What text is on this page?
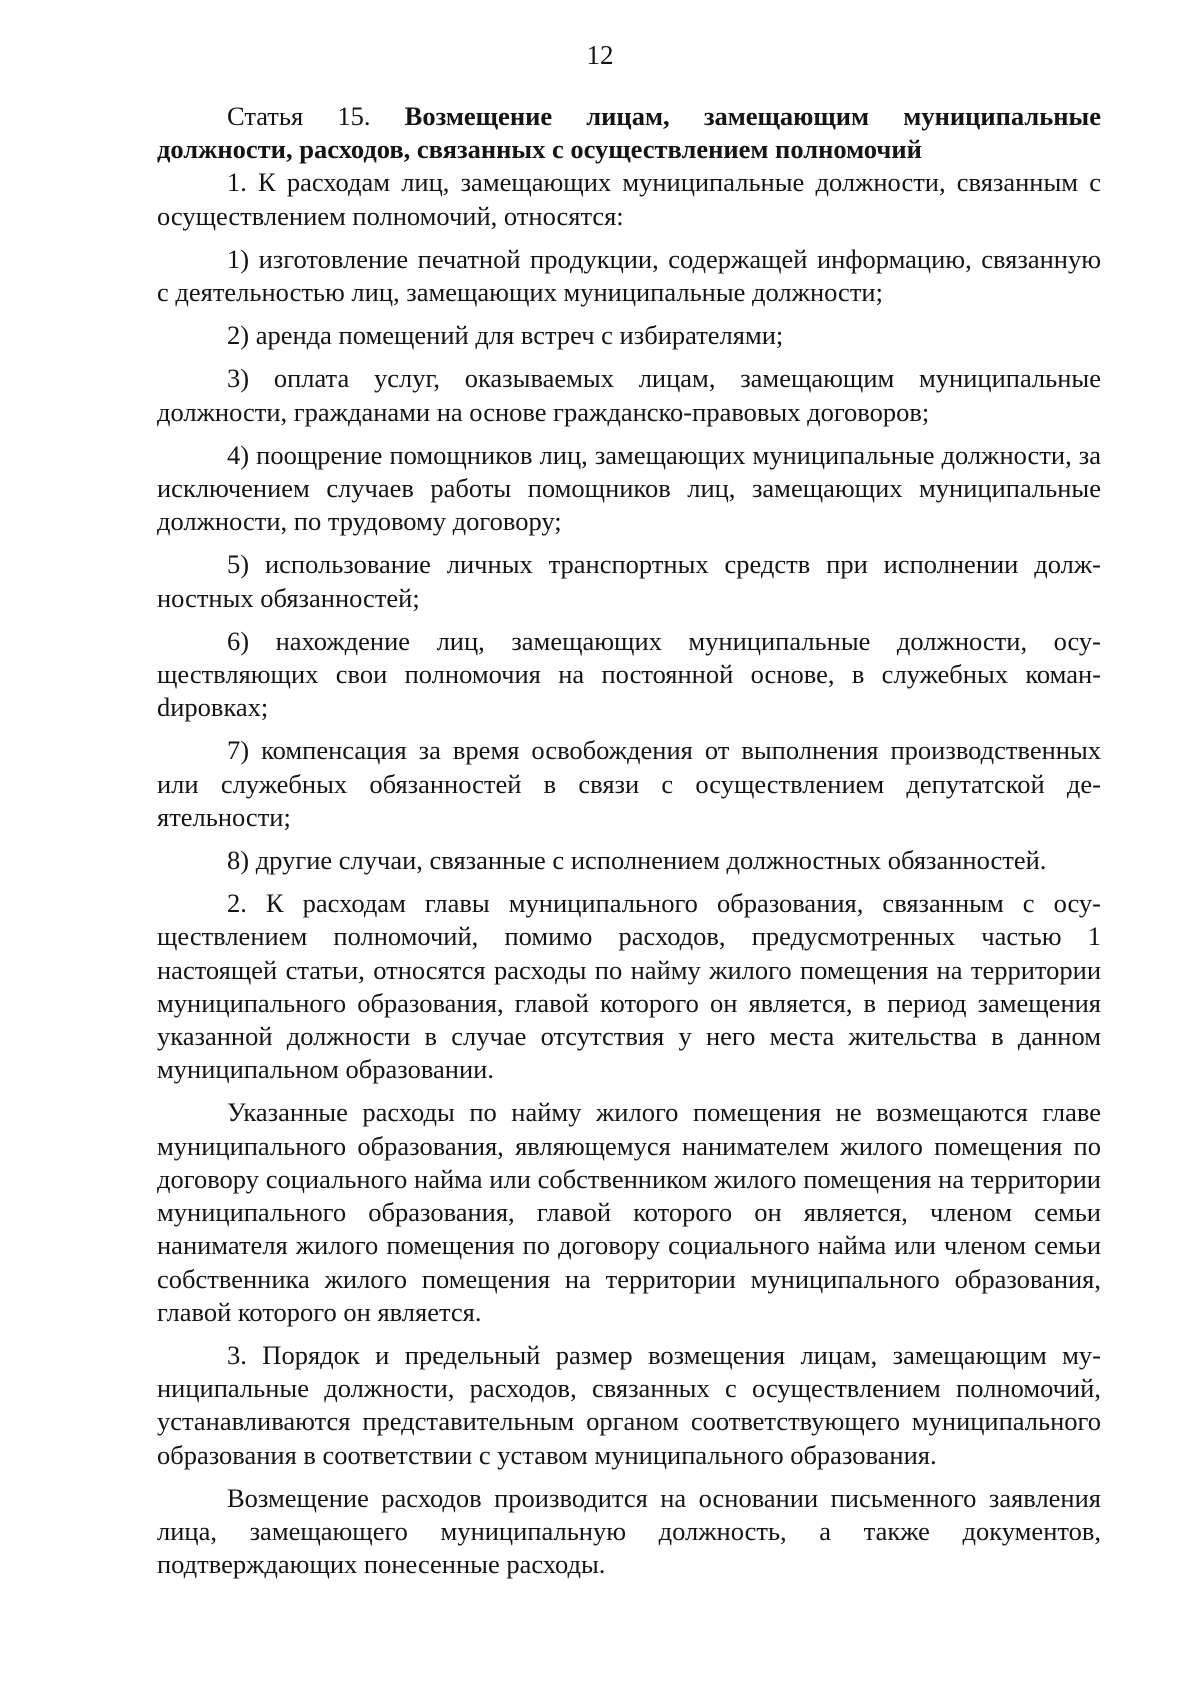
12

Статья 15. Возмещение лицам, замещающим муниципальные должности, расходов, связанных с осуществлением полномочий

1. К расходам лиц, замещающих муниципальные должности, связанным с осуществлением полномочий, относятся:

1) изготовление печатной продукции, содержащей информацию, связанную с деятельностью лиц, замещающих муниципальные должности;

2) аренда помещений для встреч с избирателями;

3) оплата услуг, оказываемых лицам, замещающим муниципальные должности, гражданами на основе гражданско-правовых договоров;

4) поощрение помощников лиц, замещающих муниципальные должности, за исключением случаев работы помощников лиц, замещающих муниципальные должности, по трудовому договору;

5) использование личных транспортных средств при исполнении должностных обязанностей;

6) нахождение лиц, замещающих муниципальные должности, осуществляющих свои полномочия на постоянной основе, в служебных команdировках;

7) компенсация за время освобождения от выполнения производственных или служебных обязанностей в связи с осуществлением депутатской деятельности;

8) другие случаи, связанные с исполнением должностных обязанностей.

2. К расходам главы муниципального образования, связанным с осуществлением полномочий, помимо расходов, предусмотренных частью 1 настоящей статьи, относятся расходы по найму жилого помещения на территории муниципального образования, главой которого он является, в период замещения указанной должности в случае отсутствия у него места жительства в данном муниципальном образовании.

Указанные расходы по найму жилого помещения не возмещаются главе муниципального образования, являющемуся нанимателем жилого помещения по договору социального найма или собственником жилого помещения на территории муниципального образования, главой которого он является, членом семьи нанимателя жилого помещения по договору социального найма или членом семьи собственника жилого помещения на территории муниципального образования, главой которого он является.

3. Порядок и предельный размер возмещения лицам, замещающим муниципальные должности, расходов, связанных с осуществлением полномочий, устанавливаются представительным органом соответствующего муниципального образования в соответствии с уставом муниципального образования.

Возмещение расходов производится на основании письменного заявления лица, замещающего муниципальную должность, а также документов, подтверждающих понесенные расходы.
